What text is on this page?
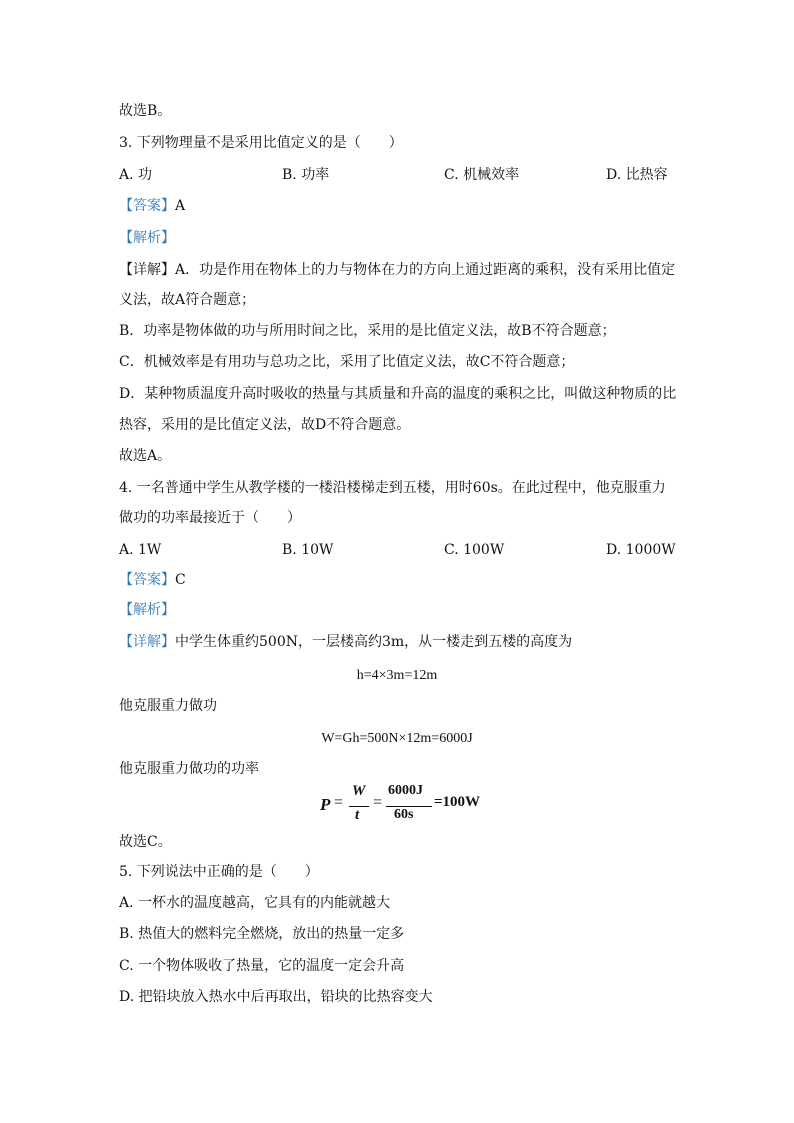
故选B。
3. 下列物理量不是采用比值定义的是（　　）
A. 功	B. 功率	C. 机械效率	D. 比热容
【答案】A
【解析】
【详解】A．功是作用在物体上的力与物体在力的方向上通过距离的乘积，没有采用比值定
义法，故A符合题意；
B．功率是物体做的功与所用时间之比，采用的是比值定义法，故B不符合题意；
C．机械效率是有用功与总功之比，采用了比值定义法，故C不符合题意；
D．某种物质温度升高时吸收的热量与其质量和升高的温度的乘积之比，叫做这种物质的比
热容，采用的是比值定义法，故D不符合题意。
故选A。
4. 一名普通中学生从教学楼的一楼沿楼梯走到五楼，用时60s。在此过程中，他克服重力
做功的功率最接近于（　　）
A. 1W	B. 10W	C. 100W	D. 1000W
【答案】C
【解析】
【详解】中学生体重约500N，一层楼高约3m，从一楼走到五楼的高度为
h=4×3m=12m
他克服重力做功
W=Gh=500N×12m=6000J
他克服重力做功的功率
P =
W
t
=
6000J
60s
=100W
故选C。
5. 下列说法中正确的是（　　）
A. 一杯水的温度越高，它具有的内能就越大
B. 热值大的燃料完全燃烧，放出的热量一定多
C. 一个物体吸收了热量，它的温度一定会升高
D. 把铅块放入热水中后再取出，铅块的比热容变大
